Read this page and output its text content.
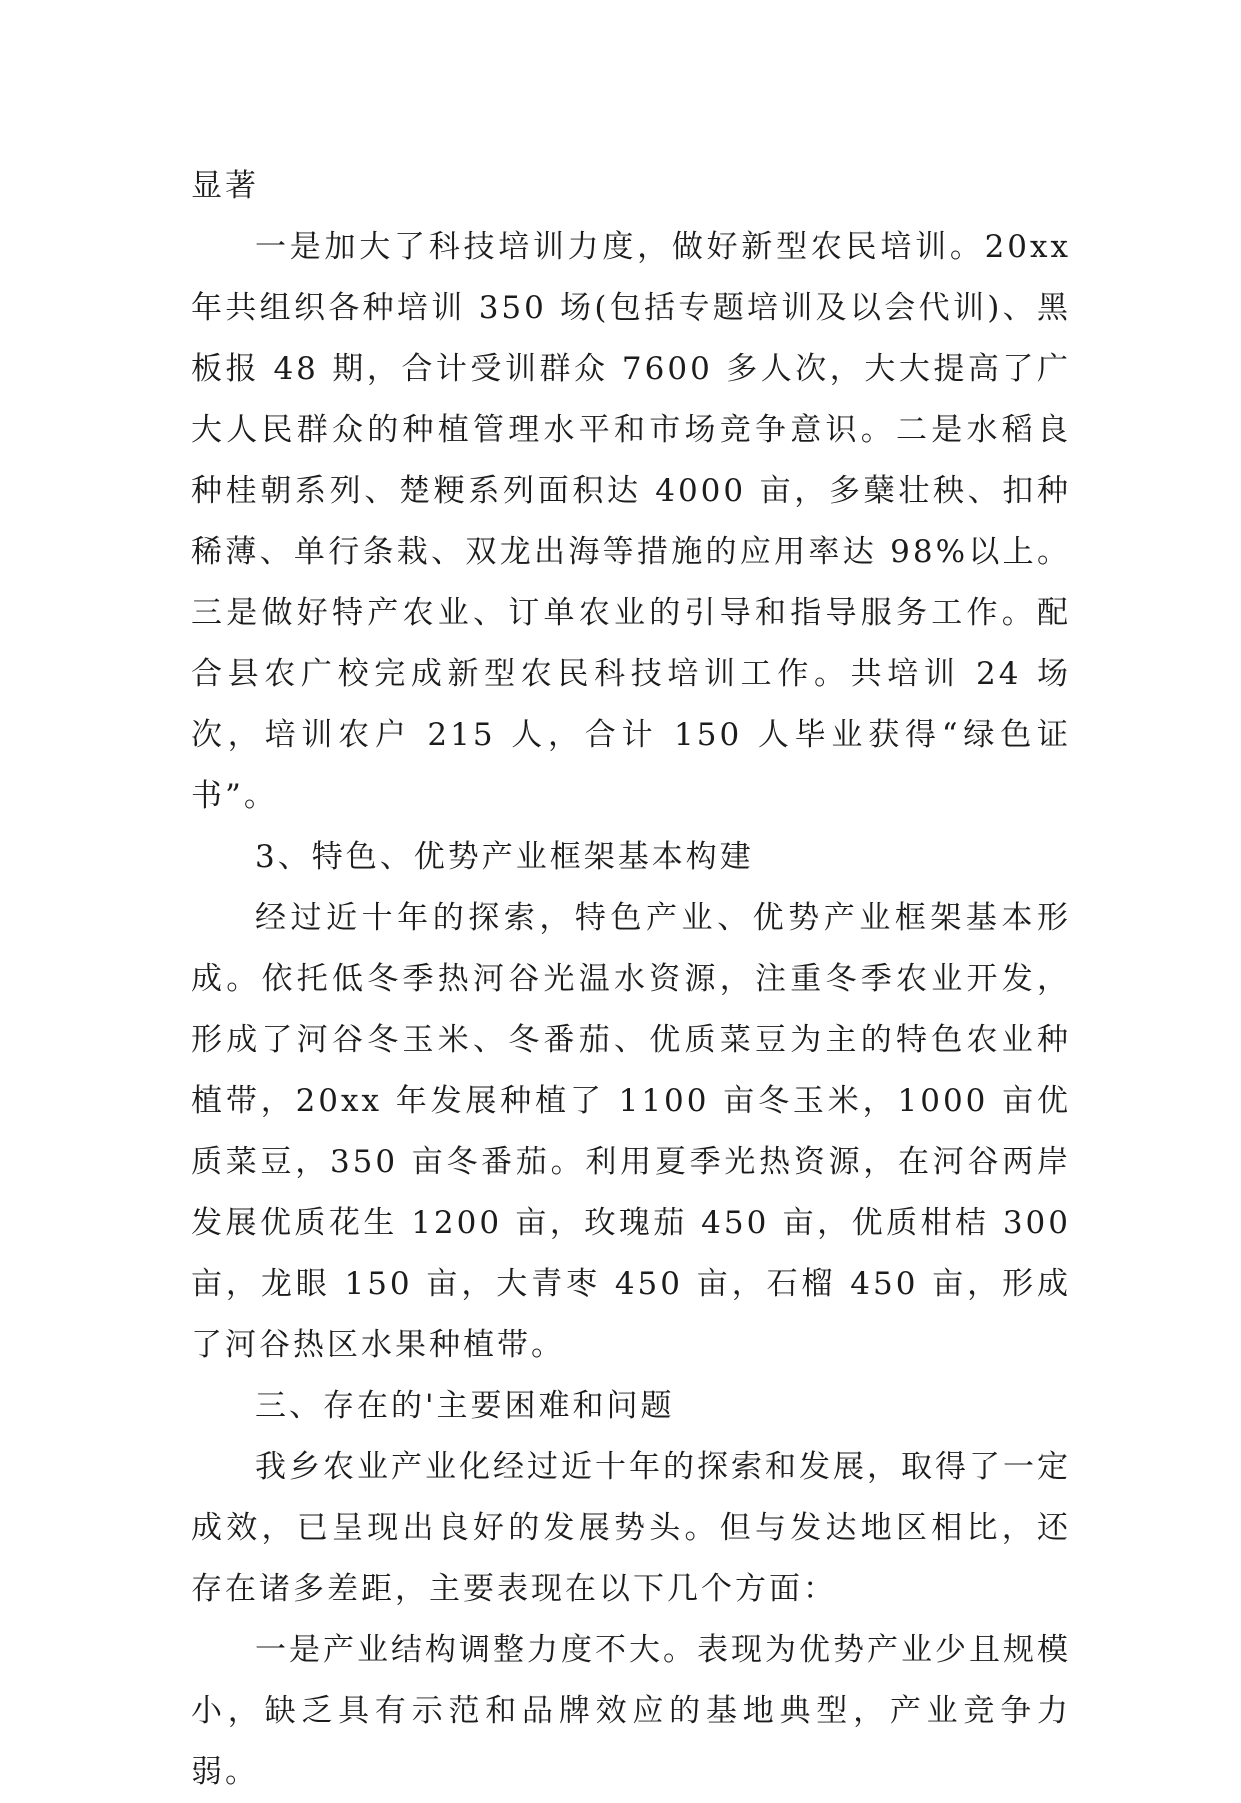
显著

一是加大了科技培训力度，做好新型农民培训。20xx 年共组织各种培训 350 场(包括专题培训及以会代训)、黑板报 48 期，合计受训群众 7600 多人次，大大提高了广大人民群众的种植管理水平和市场竞争意识。二是水稻良种桂朝系列、楚粳系列面积达 4000 亩，多蘖壮秧、扣种稀薄、单行条栽、双龙出海等措施的应用率达 98%以上。三是做好特产农业、订单农业的引导和指导服务工作。配合县农广校完成新型农民科技培训工作。共培训 24 场次，培训农户 215 人，合计 150 人毕业获得“绿色证书”。

3、特色、优势产业框架基本构建

经过近十年的探索，特色产业、优势产业框架基本形成。依托低冬季热河谷光温水资源，注重冬季农业开发，形成了河谷冬玉米、冬番茄、优质菜豆为主的特色农业种植带，20xx 年发展种植了 1100 亩冬玉米，1000 亩优质菜豆，350 亩冬番茄。利用夏季光热资源，在河谷两岸发展优质花生 1200 亩，玫瑰茄 450 亩，优质柑桔 300 亩，龙眼 150 亩，大青枣 450 亩，石榴 450 亩，形成了河谷热区水果种植带。

三、存在的'主要困难和问题

我乡农业产业化经过近十年的探索和发展，取得了一定成效，已呈现出良好的发展势头。但与发达地区相比，还存在诸多差距，主要表现在以下几个方面：

一是产业结构调整力度不大。表现为优势产业少且规模小，缺乏具有示范和品牌效应的基地典型，产业竞争力弱。
